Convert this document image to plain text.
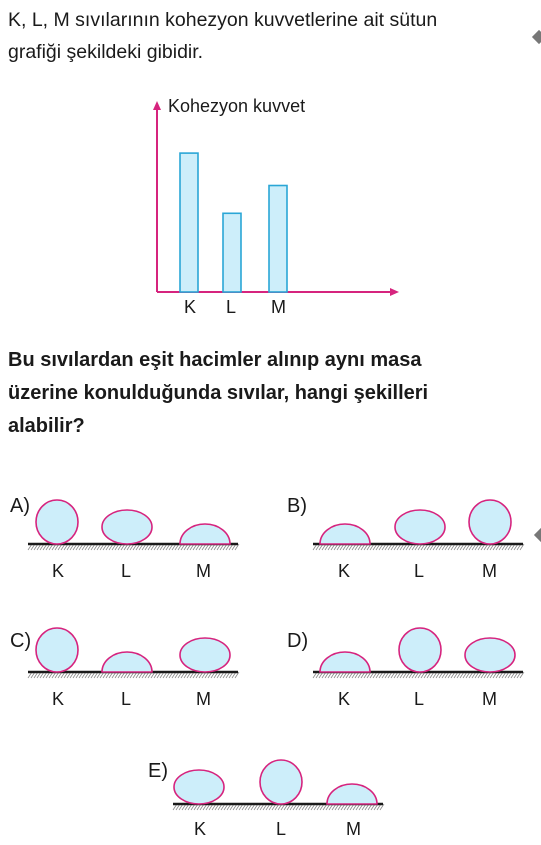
K, L, M sıvılarının kohezyon kuvvetlerine ait sütun
grafiği şekildeki gibidir.
Kohezyon kuvvet
K L M
Bu sıvılardan eşit hacimler alınıp aynı masa
üzerine konulduğunda sıvılar, hangi şekilleri
alabilir?
A)	B)
C)	D)
E)
K	L	M	K	L	M
K	L	M	K	L	M
K	L	M
